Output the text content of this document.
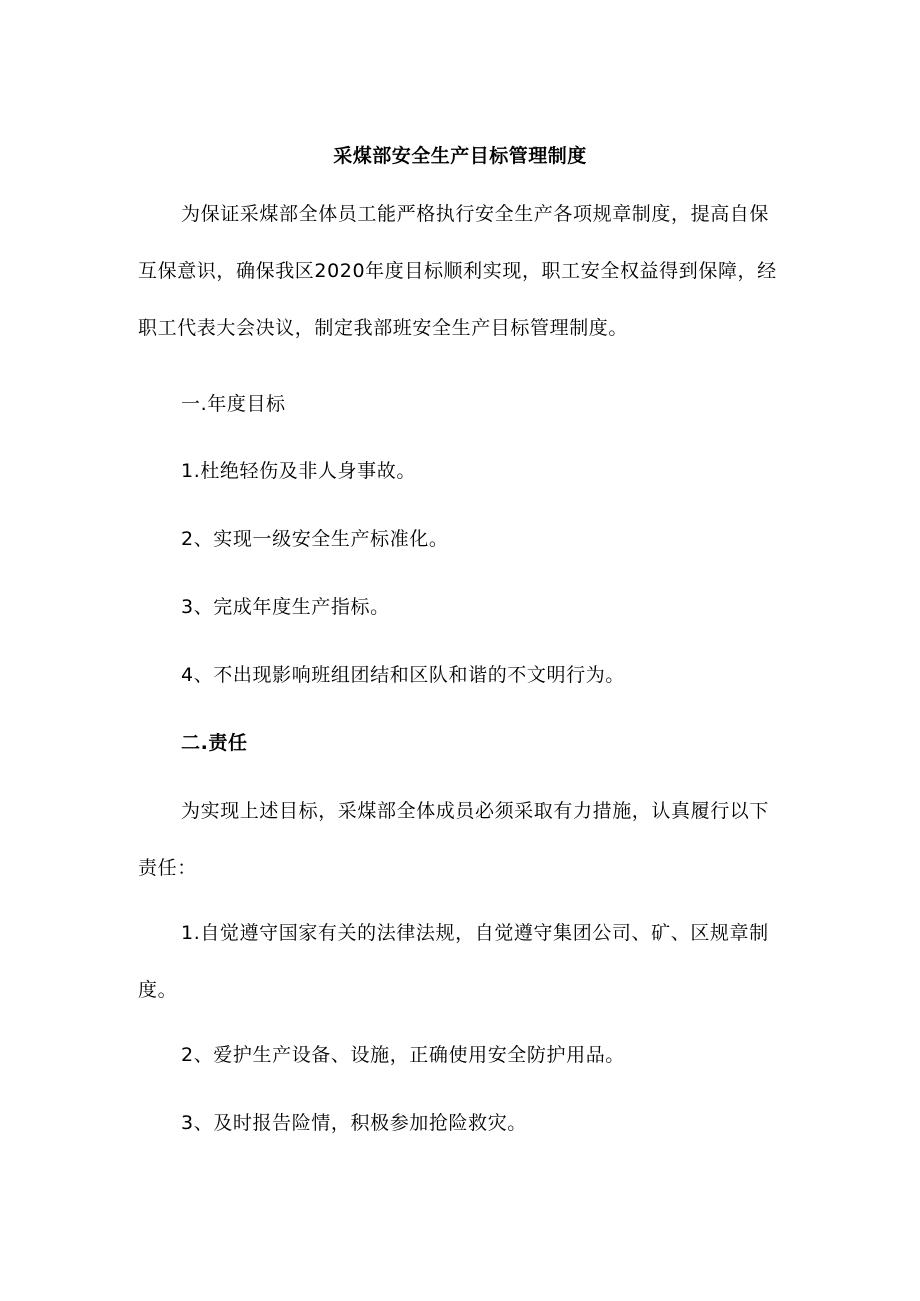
采煤部安全生产目标管理制度

为保证采煤部全体员工能严格执行安全生产各项规章制度，提高自保互保意识，确保我区2020年度目标顺利实现，职工安全权益得到保障，经职工代表大会决议，制定我部班安全生产目标管理制度。

一.年度目标

1.杜绝轻伤及非人身事故。

2、实现一级安全生产标准化。

3、完成年度生产指标。

4、不出现影响班组团结和区队和谐的不文明行为。

二.责任

为实现上述目标，采煤部全体成员必须采取有力措施，认真履行以下责任：

1.自觉遵守国家有关的法律法规，自觉遵守集团公司、矿、区规章制度。

2、爱护生产设备、设施，正确使用安全防护用品。

3、及时报告险情，积极参加抢险救灾。
